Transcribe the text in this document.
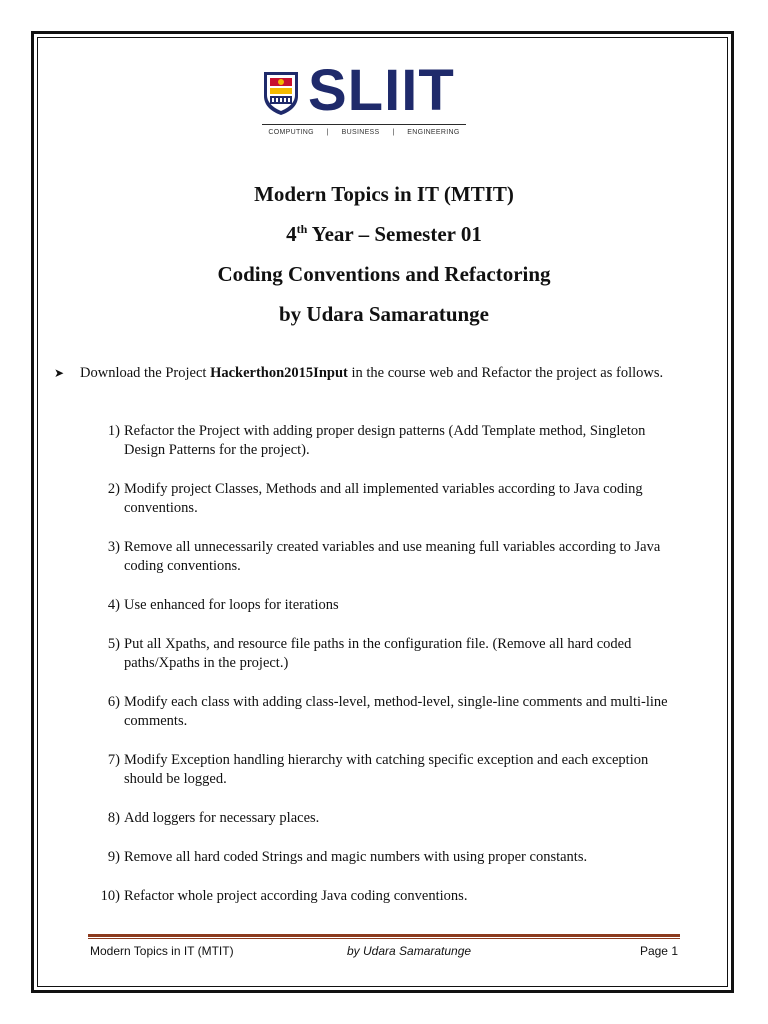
SLIIT
COMPUTING | BUSINESS | ENGINEERING
Modern Topics in IT (MTIT)
4th Year – Semester 01
Coding Conventions and Refactoring
by Udara Samaratunge
➤ Download the Project Hackerthon2015Input in the course web and Refactor the project as follows.
1) Refactor the Project with adding proper design patterns (Add Template method, Singleton Design Patterns for the project).
2) Modify project Classes, Methods and all implemented variables according to Java coding conventions.
3) Remove all unnecessarily created variables and use meaning full variables according to Java coding conventions.
4) Use enhanced for loops for iterations
5) Put all Xpaths, and resource file paths in the configuration file. (Remove all hard coded paths/Xpaths in the project.)
6) Modify each class with adding class-level, method-level, single-line comments and multi-line comments.
7) Modify Exception handling hierarchy with catching specific exception and each exception should be logged.
8) Add loggers for necessary places.
9) Remove all hard coded Strings and magic numbers with using proper constants.
10) Refactor whole project according Java coding conventions.
Modern Topics in IT (MTIT)	by Udara Samaratunge	Page 1
